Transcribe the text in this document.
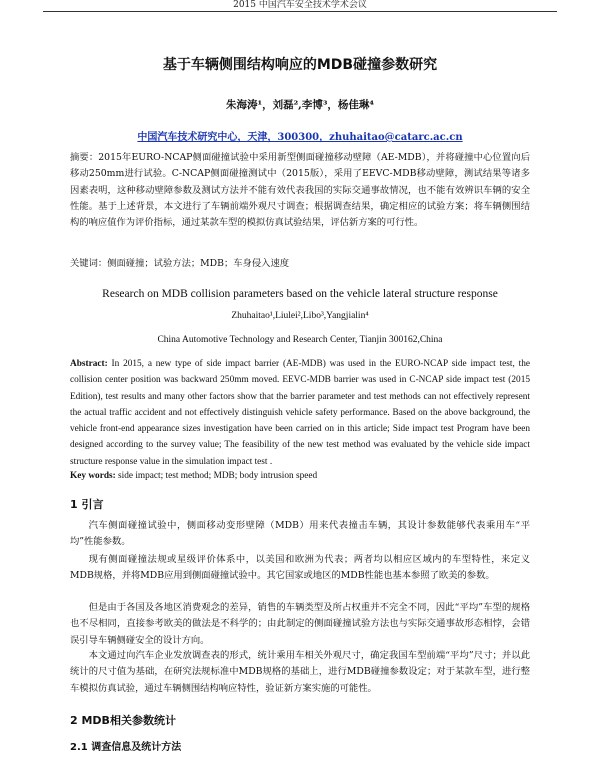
2015 中国汽车安全技术学术会议
基于车辆侧围结构响应的MDB碰撞参数研究
朱海涛¹，刘磊²,李博³，杨佳琳⁴
中国汽车技术研究中心，天津，300300，zhuhaitao@catarc.ac.cn
摘要：2015年EURO-NCAP侧面碰撞试验中采用新型侧面碰撞移动壁障（AE-MDB），并将碰撞中心位置向后移动250mm进行试验。C-NCAP侧面碰撞测试中（2015版），采用了EEVC-MDB移动壁障，测试结果等诸多因素表明，这种移动壁障参数及测试方法并不能有效代表我国的实际交通事故情况，也不能有效辨识车辆的安全性能。基于上述背景，本文进行了车辆前端外观尺寸调查；根据调查结果，确定相应的试验方案；将车辆侧围结构的响应值作为评价指标，通过某款车型的模拟仿真试验结果，评估新方案的可行性。
关键词：侧面碰撞；试验方法；MDB；车身侵入速度
Research on MDB collision parameters based on the vehicle lateral structure response
Zhuhaitao¹,Liulei²,Libo³,Yangjialin⁴
China Automotive Technology and Research Center, Tianjin 300162,China
Abstract: In 2015, a new type of side impact barrier (AE-MDB) was used in the EURO-NCAP side impact test, the collision center position was backward 250mm moved. EEVC-MDB barrier was used in C-NCAP side impact test (2015 Edition), test results and many other factors show that the barrier parameter and test methods can not effectively represent the actual traffic accident and not effectively distinguish vehicle safety performance. Based on the above background, the vehicle front-end appearance sizes investigation have been carried on in this article; Side impact test Program have been designed according to the survey value; The feasibility of the new test method was evaluated by the vehicle side impact structure response value in the simulation impact test .
Key words: side impact; test method; MDB; body intrusion speed
1 引言
汽车侧面碰撞试验中，侧面移动变形壁障（MDB）用来代表撞击车辆，其设计参数能够代表乘用车“平均”性能参数。
现有侧面碰撞法规或星级评价体系中，以美国和欧洲为代表；两者均以相应区域内的车型特性，来定义MDB规格，并将MDB应用到侧面碰撞试验中。其它国家或地区的MDB性能也基本参照了欧美的参数。
但是由于各国及各地区消费观念的差异，销售的车辆类型及所占权重并不完全不同，因此“平均”车型的规格也不尽相同，直接参考欧美的做法是不科学的；由此制定的侧面碰撞试验方法也与实际交通事故形态相悖，会错误引导车辆侧碰安全的设计方向。
本文通过向汽车企业发放调查表的形式，统计乘用车相关外观尺寸，确定我国车型前端“平均”尺寸；并以此统计的尺寸值为基础，在研究法规标准中MDB规格的基础上，进行MDB碰撞参数设定；对于某款车型，进行整车模拟仿真试验，通过车辆侧围结构响应特性，验证新方案实施的可能性。
2 MDB相关参数统计
2.1 调查信息及统计方法
